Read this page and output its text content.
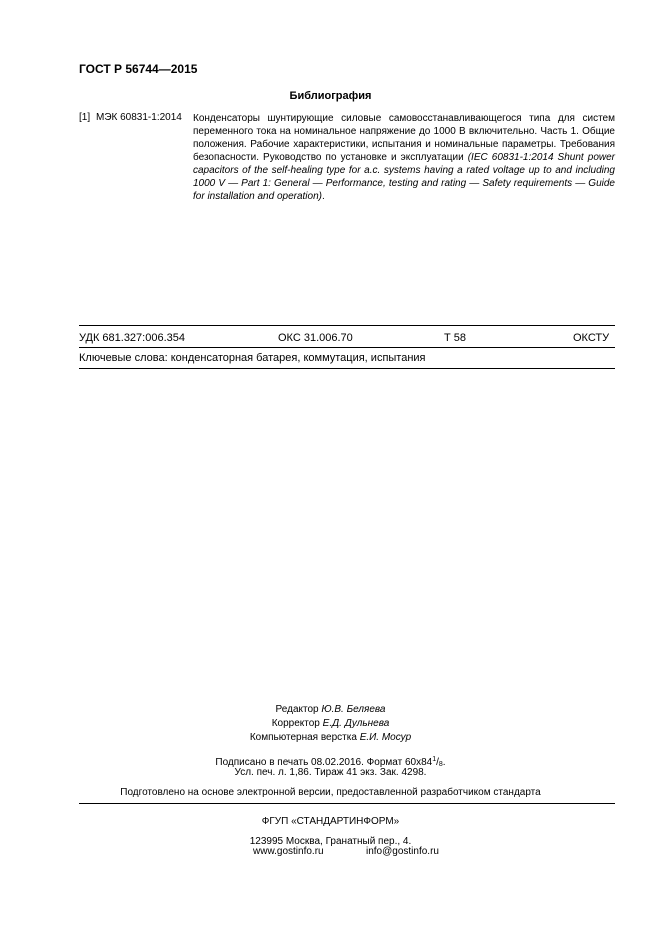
ГОСТ Р 56744—2015
Библиография
[1] МЭК 60831-1:2014 Конденсаторы шунтирующие силовые самовосстанавливающегося типа для систем переменного тока на номинальное напряжение до 1000 В включительно. Часть 1. Общие положения. Рабочие характеристики, испытания и номинальные параметры. Требования безопасности. Руководство по установке и эксплуатации (IEC 60831-1:2014 Shunt power capacitors of the self-healing type for a.c. systems having a rated voltage up to and including 1000 V — Part 1: General — Performance, testing and rating — Safety requirements — Guide for installation and operation).
УДК 681.327:006.354	ОКС 31.006.70	Т 58	ОКСТУ
Ключевые слова: конденсаторная батарея, коммутация, испытания
Редактор Ю.В. Беляева
Корректор Е.Д. Дульнева
Компьютерная верстка Е.И. Мосур
Подписано в печать 08.02.2016. Формат $60х84^1/8$.
Усл. печ. л. 1,86. Тираж 41 экз. Зак. 4298.
Подготовлено на основе электронной версии, предоставленной разработчиком стандарта
ФГУП «СТАНДАРТИНФОРМ»
123995 Москва, Гранатный пер., 4.
www.gostinfo.ru	info@gostinfo.ru
